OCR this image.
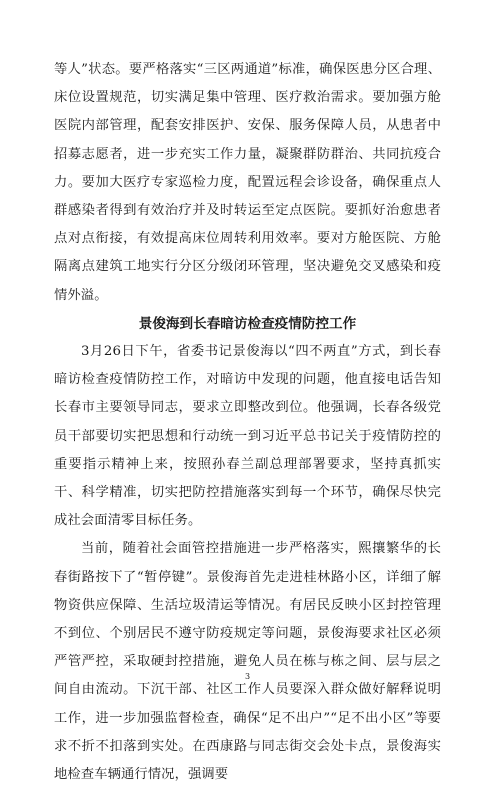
等人”状态。要严格落实“三区两通道”标准，确保医患分区合理、床位设置规范，切实满足集中管理、医疗救治需求。要加强方舱医院内部管理，配套安排医护、安保、服务保障人员，从患者中招募志愿者，进一步充实工作力量，凝聚群防群治、共同抗疫合力。要加大医疗专家巡检力度，配置远程会诊设备，确保重点人群感染者得到有效治疗并及时转运至定点医院。要抓好治愈患者点对点衔接，有效提高床位周转利用效率。要对方舱医院、方舱隔离点建筑工地实行分区分级闭环管理，坚决避免交叉感染和疫情外溢。

景俊海到长春暗访检查疫情防控工作

3月26日下午，省委书记景俊海以“四不两直”方式，到长春暗访检查疫情防控工作，对暗访中发现的问题，他直接电话告知长春市主要领导同志，要求立即整改到位。他强调，长春各级党员干部要切实把思想和行动统一到习近平总书记关于疫情防控的重要指示精神上来，按照孙春兰副总理部署要求，坚持真抓实干、科学精准，切实把防控措施落实到每一个环节，确保尽快完成社会面清零目标任务。

当前，随着社会面管控措施进一步严格落实，熙攘繁华的长春街路按下了“暂停键”。景俊海首先走进桂林路小区，详细了解物资供应保障、生活垃圾清运等情况。有居民反映小区封控管理不到位、个别居民不遵守防疫规定等问题，景俊海要求社区必须严管严控，采取硬封控措施，避免人员在栋与栋之间、层与层之间自由流动。下沉干部、社区工作人员要深入群众做好解释说明工作，进一步加强监督检查，确保“足不出户”“足不出小区”等要求不折不扣落到实处。在西康路与同志街交会处卡点，景俊海实地检查车辆通行情况，强调要

3
